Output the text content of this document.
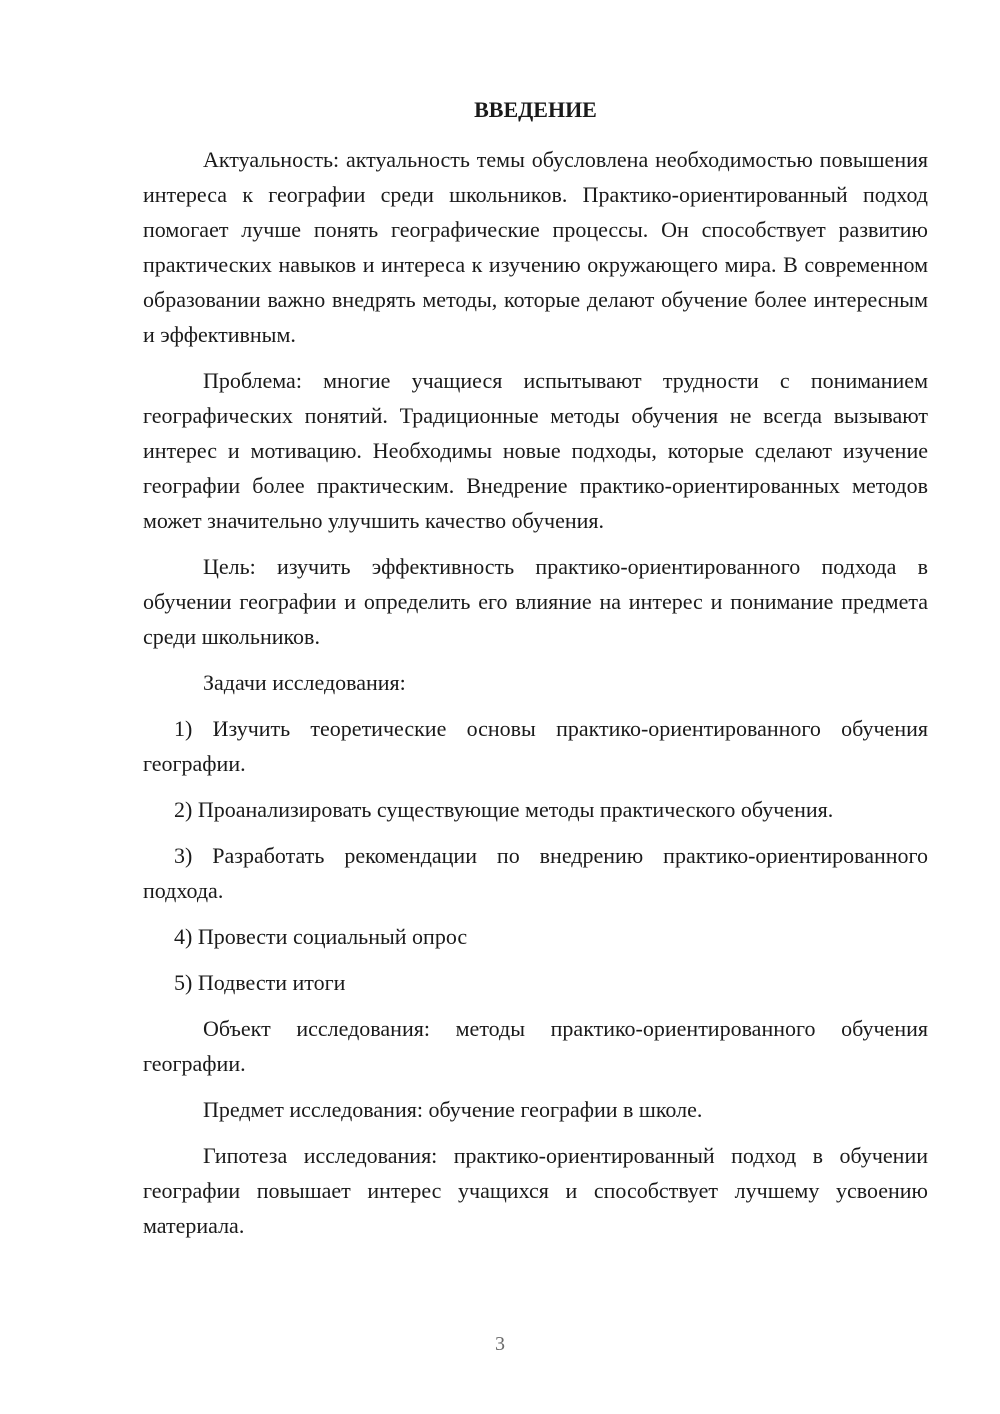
ВВЕДЕНИЕ

Актуальность: актуальность темы обусловлена необходимостью повышения интереса к географии среди школьников. Практико-ориентированный подход помогает лучше понять географические процессы. Он способствует развитию практических навыков и интереса к изучению окружающего мира. В современном образовании важно внедрять методы, которые делают обучение более интересным и эффективным.

Проблема: многие учащиеся испытывают трудности с пониманием географических понятий. Традиционные методы обучения не всегда вызывают интерес и мотивацию. Необходимы новые подходы, которые сделают изучение географии более практическим. Внедрение практико-ориентированных методов может значительно улучшить качество обучения.

Цель: изучить эффективность практико-ориентированного подхода в обучении географии и определить его влияние на интерес и понимание предмета среди школьников.

Задачи исследования:

1) Изучить теоретические основы практико-ориентированного обучения географии.

2) Проанализировать существующие методы практического обучения.

3) Разработать рекомендации по внедрению практико-ориентированного подхода.

4) Провести социальный опрос

5) Подвести итоги

Объект исследования: методы практико-ориентированного обучения географии.

Предмет исследования: обучение географии в школе.

Гипотеза исследования: практико-ориентированный подход в обучении географии повышает интерес учащихся и способствует лучшему усвоению материала.

3
